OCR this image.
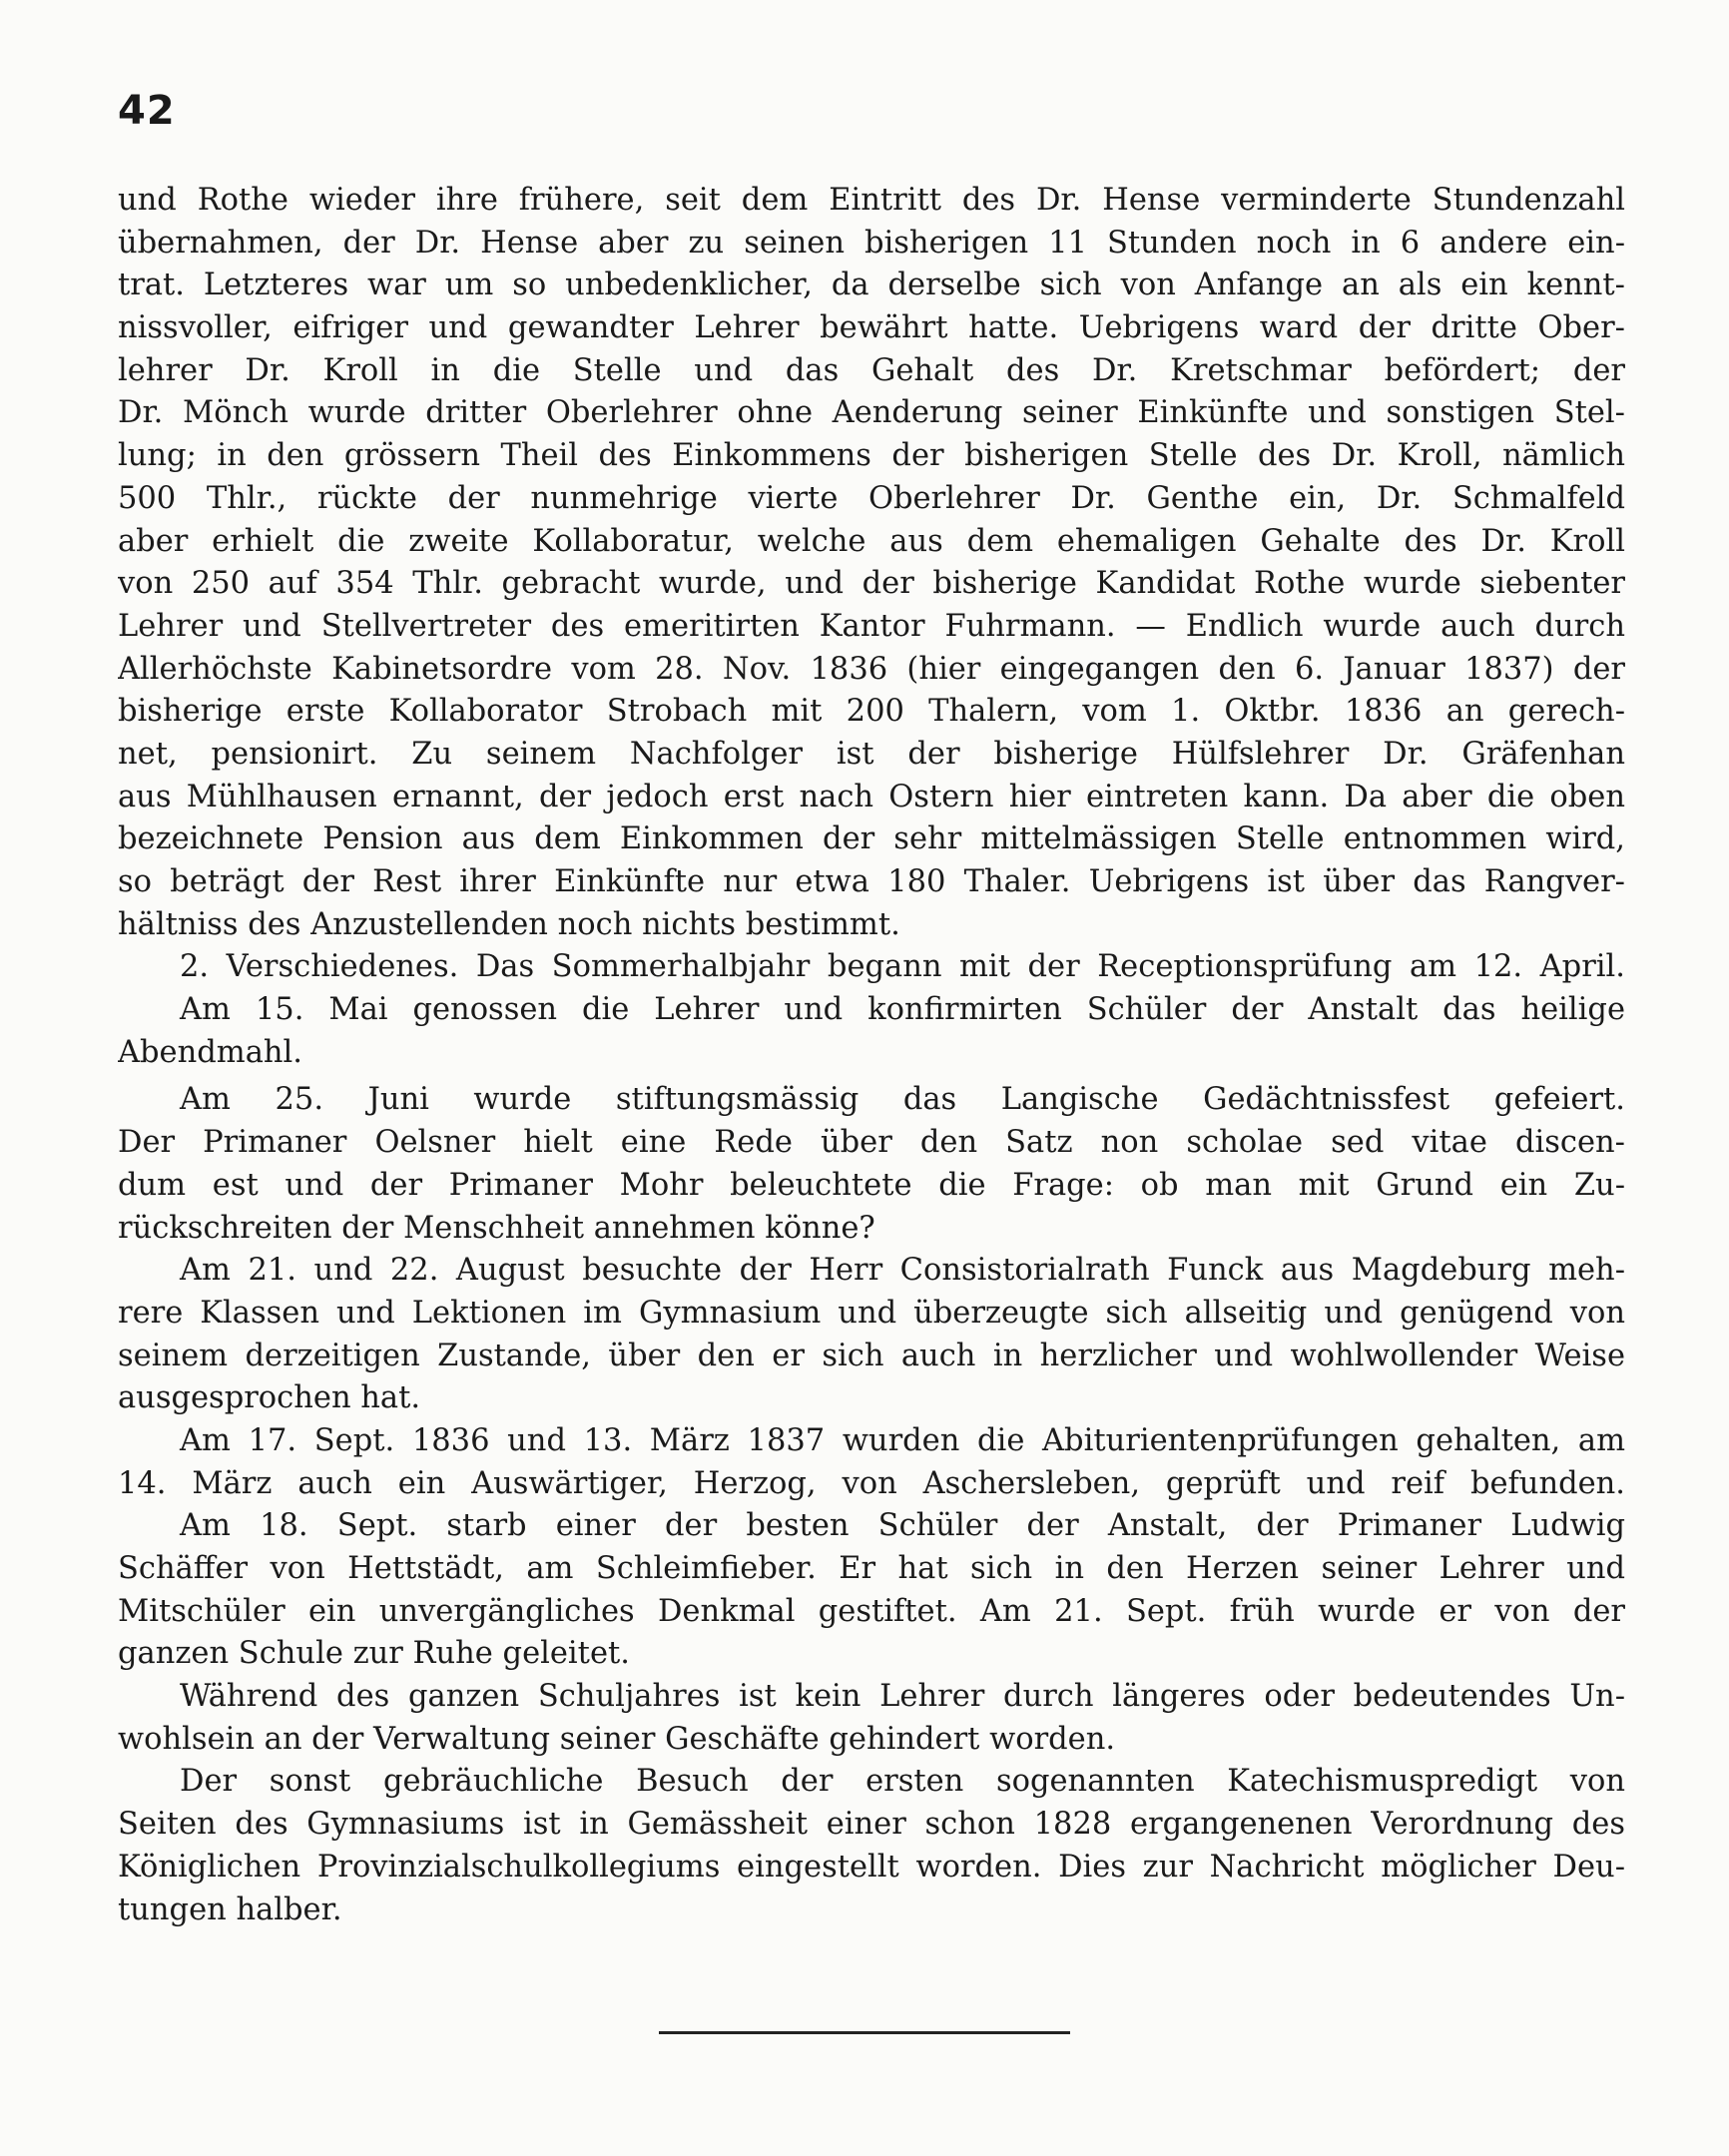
42
und Rothe wieder ihre frühere, seit dem Eintritt des Dr. Hense verminderte Stundenzahl
übernahmen, der Dr. Hense aber zu seinen bisherigen 11 Stunden noch in 6 andere ein-
trat. Letzteres war um so unbedenklicher, da derselbe sich von Anfange an als ein kennt-
nissvoller, eifriger und gewandter Lehrer bewährt hatte. Uebrigens ward der dritte Ober-
lehrer Dr. Kroll in die Stelle und das Gehalt des Dr. Kretschmar befördert; der
Dr. Mönch wurde dritter Oberlehrer ohne Aenderung seiner Einkünfte und sonstigen Stel-
lung; in den grössern Theil des Einkommens der bisherigen Stelle des Dr. Kroll, nämlich
500 Thlr., rückte der nunmehrige vierte Oberlehrer Dr. Genthe ein, Dr. Schmalfeld
aber erhielt die zweite Kollaboratur, welche aus dem ehemaligen Gehalte des Dr. Kroll
von 250 auf 354 Thlr. gebracht wurde, und der bisherige Kandidat Rothe wurde siebenter
Lehrer und Stellvertreter des emeritirten Kantor Fuhrmann. — Endlich wurde auch durch
Allerhöchste Kabinetsordre vom 28. Nov. 1836 (hier eingegangen den 6. Januar 1837) der
bisherige erste Kollaborator Strobach mit 200 Thalern, vom 1. Oktbr. 1836 an gerech-
net, pensionirt. Zu seinem Nachfolger ist der bisherige Hülfslehrer Dr. Gräfenhan
aus Mühlhausen ernannt, der jedoch erst nach Ostern hier eintreten kann. Da aber die oben
bezeichnete Pension aus dem Einkommen der sehr mittelmässigen Stelle entnommen wird,
so beträgt der Rest ihrer Einkünfte nur etwa 180 Thaler. Uebrigens ist über das Rangver-
hältniss des Anzustellenden noch nichts bestimmt.
2. Verschiedenes. Das Sommerhalbjahr begann mit der Receptionsprüfung am 12. April.
Am 15. Mai genossen die Lehrer und konfirmirten Schüler der Anstalt das heilige
Abendmahl.
Am 25. Juni wurde stiftungsmässig das Langische Gedächtnissfest gefeiert.
Der Primaner Oelsner hielt eine Rede über den Satz non scholae sed vitae discen-
dum est und der Primaner Mohr beleuchtete die Frage: ob man mit Grund ein Zu-
rückschreiten der Menschheit annehmen könne?
Am 21. und 22. August besuchte der Herr Consistorialrath Funck aus Magdeburg meh-
rere Klassen und Lektionen im Gymnasium und überzeugte sich allseitig und genügend von
seinem derzeitigen Zustande, über den er sich auch in herzlicher und wohlwollender Weise
ausgesprochen hat.
Am 17. Sept. 1836 und 13. März 1837 wurden die Abiturientenprüfungen gehalten, am
14. März auch ein Auswärtiger, Herzog, von Aschersleben, geprüft und reif befunden.
Am 18. Sept. starb einer der besten Schüler der Anstalt, der Primaner Ludwig
Schäffer von Hettstädt, am Schleimfieber. Er hat sich in den Herzen seiner Lehrer und
Mitschüler ein unvergängliches Denkmal gestiftet. Am 21. Sept. früh wurde er von der
ganzen Schule zur Ruhe geleitet.
Während des ganzen Schuljahres ist kein Lehrer durch längeres oder bedeutendes Un-
wohlsein an der Verwaltung seiner Geschäfte gehindert worden.
Der sonst gebräuchliche Besuch der ersten sogenannten Katechismuspredigt von
Seiten des Gymnasiums ist in Gemässheit einer schon 1828 ergangenenen Verordnung des
Königlichen Provinzialschulkollegiums eingestellt worden. Dies zur Nachricht möglicher Deu-
tungen halber.
